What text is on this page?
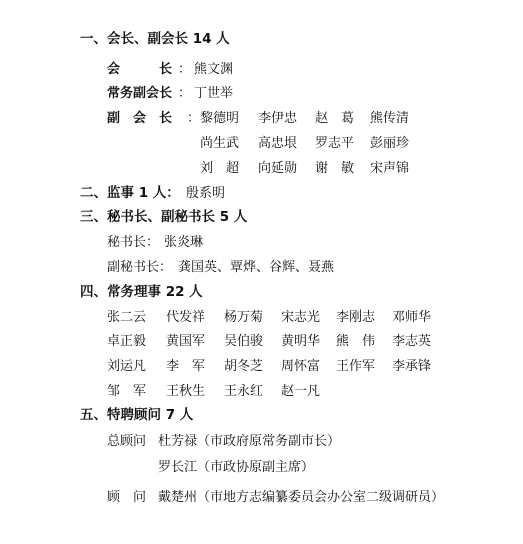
一、会长、副会长 14 人
会　　　长 ： 熊文渊
常务副会长 ： 丁世举
副　会　长 ： 黎德明 李伊忠 赵　葛 熊传清
尚生武 高忠垠 罗志平 彭丽珍
刘　超 向延勋 谢　敏 宋声锦
二、监事 1 人： 殷系明
三、秘书长、副秘书长 5 人
秘书长： 张炎琳
副秘书长： 龚国英、覃烨、谷辉、聂燕
四、常务理事 22 人
张二云 代发祥 杨万菊 宋志光 李刚志 邓师华
卓正毅 黄国军 吴伯骏 黄明华 熊　伟 李志英
刘运凡 李　军 胡冬芝 周怀富 王作军 李承锋
邹　军 王秋生 王永红 赵一凡
五、特聘顾问 7 人
总顾问 杜芳禄（市政府原常务副市长）
罗长江（市政协原副主席）
顾　问 戴楚州（市地方志编纂委员会办公室二级调研员）
